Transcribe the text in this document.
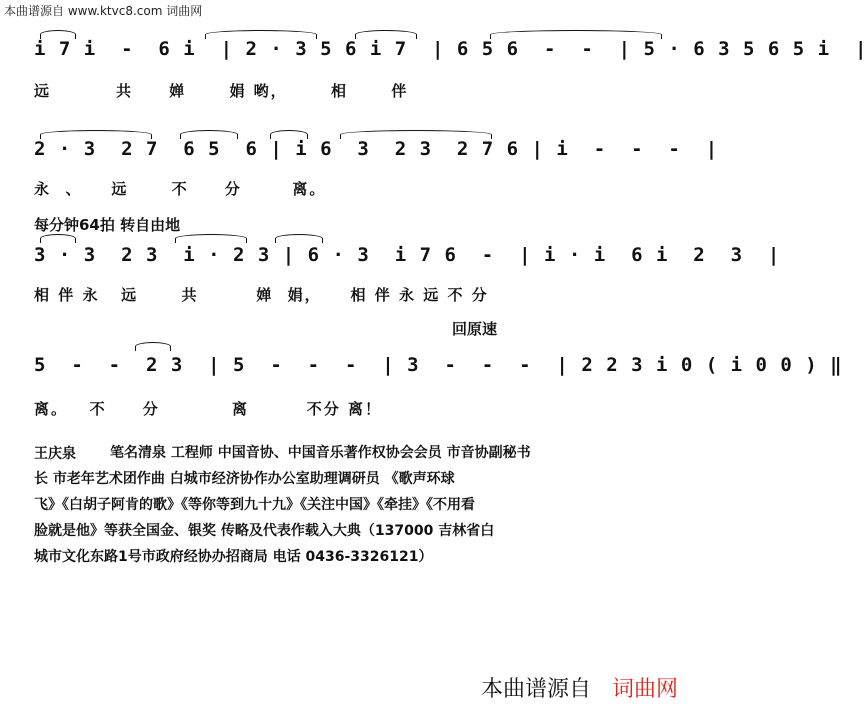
本曲谱源自 www.ktvc8.com 词曲网
i 7 i  -  6 i  | 2 · 3 5 6 i 7  | 6 5 6  -  -  | 5 · 6 3 5 6 5 i  |
远         共     婵      娟 哟，      相      伴
2 · 3  2 7  6 5  6 | i 6  3  2 3  2 7 6 | i  -  -  -  |
永  、    远      不     分       离。
每分钟64拍 转自由地
3 · 3  2 3  i · 2 3 | 6 · 3  i 7 6  -  | i · i  6 i  2  3  |
相 伴 永   远      共        婵  娟，    相 伴 永 远 不 分
回原速
5  -  -  2 3  | 5  -  -  -  | 3  -  -  -  | 2 2 3 i 0 ( i 0 0 ) ‖
离。   不     分          离        不分 离！
王庆泉 笔名清泉 工程师 中国音协、中国音乐著作权协会会员 市音协副秘书
长 市老年艺术团作曲 白城市经济协作办公室助理调研员 《歌声环球
飞》《白胡子阿肯的歌》《等你等到九十九》《关注中国》《牵挂》《不用看
脸就是他》等获全国金、银奖 传略及代表作载入大典（137000 吉林省白
城市文化东路1号市政府经协办招商局 电话 0436-3326121）
本曲谱源自 词曲网
